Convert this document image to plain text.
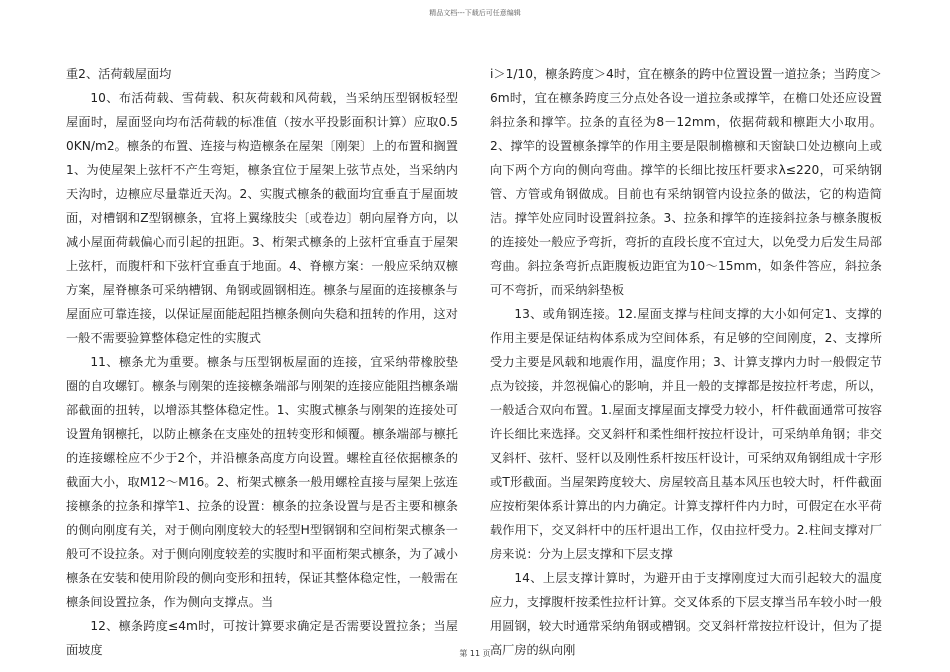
精品文档---下载后可任意编辑

重2、活荷载屋面均

10、布活荷载、雪荷载、积灰荷载和风荷载，当采纳压型钢板轻型屋面时，屋面竖向均布活荷载的标准值（按水平投影面积计算）应取0.50KN/m2。檩条的布置、连接与构造檩条在屋架〔刚架〕上的布置和搁置1、为使屋架上弦杆不产生弯矩，檩条宜位于屋架上弦节点处，当采纳内天沟时，边檩应尽量靠近天沟。2、实腹式檩条的截面均宜垂直于屋面坡面，对槽钢和Z型钢檩条，宜将上翼缘肢尖〔或卷边〕朝向屋脊方向，以减小屋面荷载偏心而引起的扭距。3、桁架式檩条的上弦杆宜垂直于屋架上弦杆，而腹杆和下弦杆宜垂直于地面。4、脊檩方案：一般应采纳双檩方案，屋脊檩条可采纳槽钢、角钢或圆钢相连。檩条与屋面的连接檩条与屋面应可靠连接，以保证屋面能起阻挡檩条侧向失稳和扭转的作用，这对一般不需要验算整体稳定性的实腹式

11、檩条尤为重要。檩条与压型钢板屋面的连接，宜采纳带橡胶垫圈的自攻螺钉。檩条与刚架的连接檩条端部与刚架的连接应能阻挡檩条端部截面的扭转，以增添其整体稳定性。1、实腹式檩条与刚架的连接处可设置角钢檩托，以防止檩条在支座处的扭转变形和倾覆。檩条端部与檩托的连接螺栓应不少于2个，并沿檩条高度方向设置。螺栓直径依据檩条的截面大小，取M12～M16。2、桁架式檩条一般用螺栓直接与屋架上弦连接檩条的拉条和撑竿1、拉条的设置：檩条的拉条设置与是否主要和檩条的侧向刚度有关，对于侧向刚度较大的轻型H型钢钢和空间桁架式檩条一般可不设拉条。对于侧向刚度较差的实腹时和平面桁架式檩条，为了减小檩条在安装和使用阶段的侧向变形和扭转，保证其整体稳定性，一般需在檩条间设置拉条，作为侧向支撑点。当

12、檩条跨度≤4m时，可按计算要求确定是否需要设置拉条；当屋面坡度

i＞1/10，檩条跨度＞4时，宜在檩条的跨中位置设置一道拉条；当跨度＞6m时，宜在檩条跨度三分点处各设一道拉条或撑竿，在檐口处还应设置斜拉条和撑竿。拉条的直径为8－12mm，依据荷载和檩距大小取用。2、撑竿的设置檩条撑竿的作用主要是限制檐檩和天窗缺口处边檩向上或向下两个方向的侧向弯曲。撑竿的长细比按压杆要求λ≤220，可采纳钢管、方管或角钢做成。目前也有采纳钢管内设拉条的做法，它的构造简洁。撑竿处应同时设置斜拉条。3、拉条和撑竿的连接斜拉条与檩条腹板的连接处一般应予弯折，弯折的直段长度不宜过大，以免受力后发生局部弯曲。斜拉条弯折点距腹板边距宜为10～15mm，如条件答应，斜拉条可不弯折，而采纳斜垫板

13、或角钢连接。12.屋面支撑与柱间支撑的大小如何定1、支撑的作用主要是保证结构体系成为空间体系，有足够的空间刚度，2、支撑所受力主要是风载和地震作用，温度作用；3、计算支撑内力时一般假定节点为铰接，并忽视偏心的影响，并且一般的支撑都是按拉杆考虑，所以，一般适合双向布置。1.屋面支撑屋面支撑受力较小，杆件截面通常可按容许长细比来选择。交叉斜杆和柔性细杆按拉杆设计，可采纳单角钢；非交叉斜杆、弦杆、竖杆以及刚性系杆按压杆设计，可采纳双角钢组成十字形或T形截面。当屋架跨度较大、房屋较高且基本风压也较大时，杆件截面应按桁架体系计算出的内力确定。计算支撑杆件内力时，可假定在水平荷载作用下，交叉斜杆中的压杆退出工作，仅由拉杆受力。2.柱间支撑对厂房来说：分为上层支撑和下层支撑

14、上层支撑计算时，为避开由于支撑刚度过大而引起较大的温度应力，支撑腹杆按柔性拉杆计算。交叉体系的下层支撑当吊车较小时一般用圆钢，较大时通常采纳角钢或槽钢。交叉斜杆常按拉杆设计，但为了提高厂房的纵向刚

第 11 页
